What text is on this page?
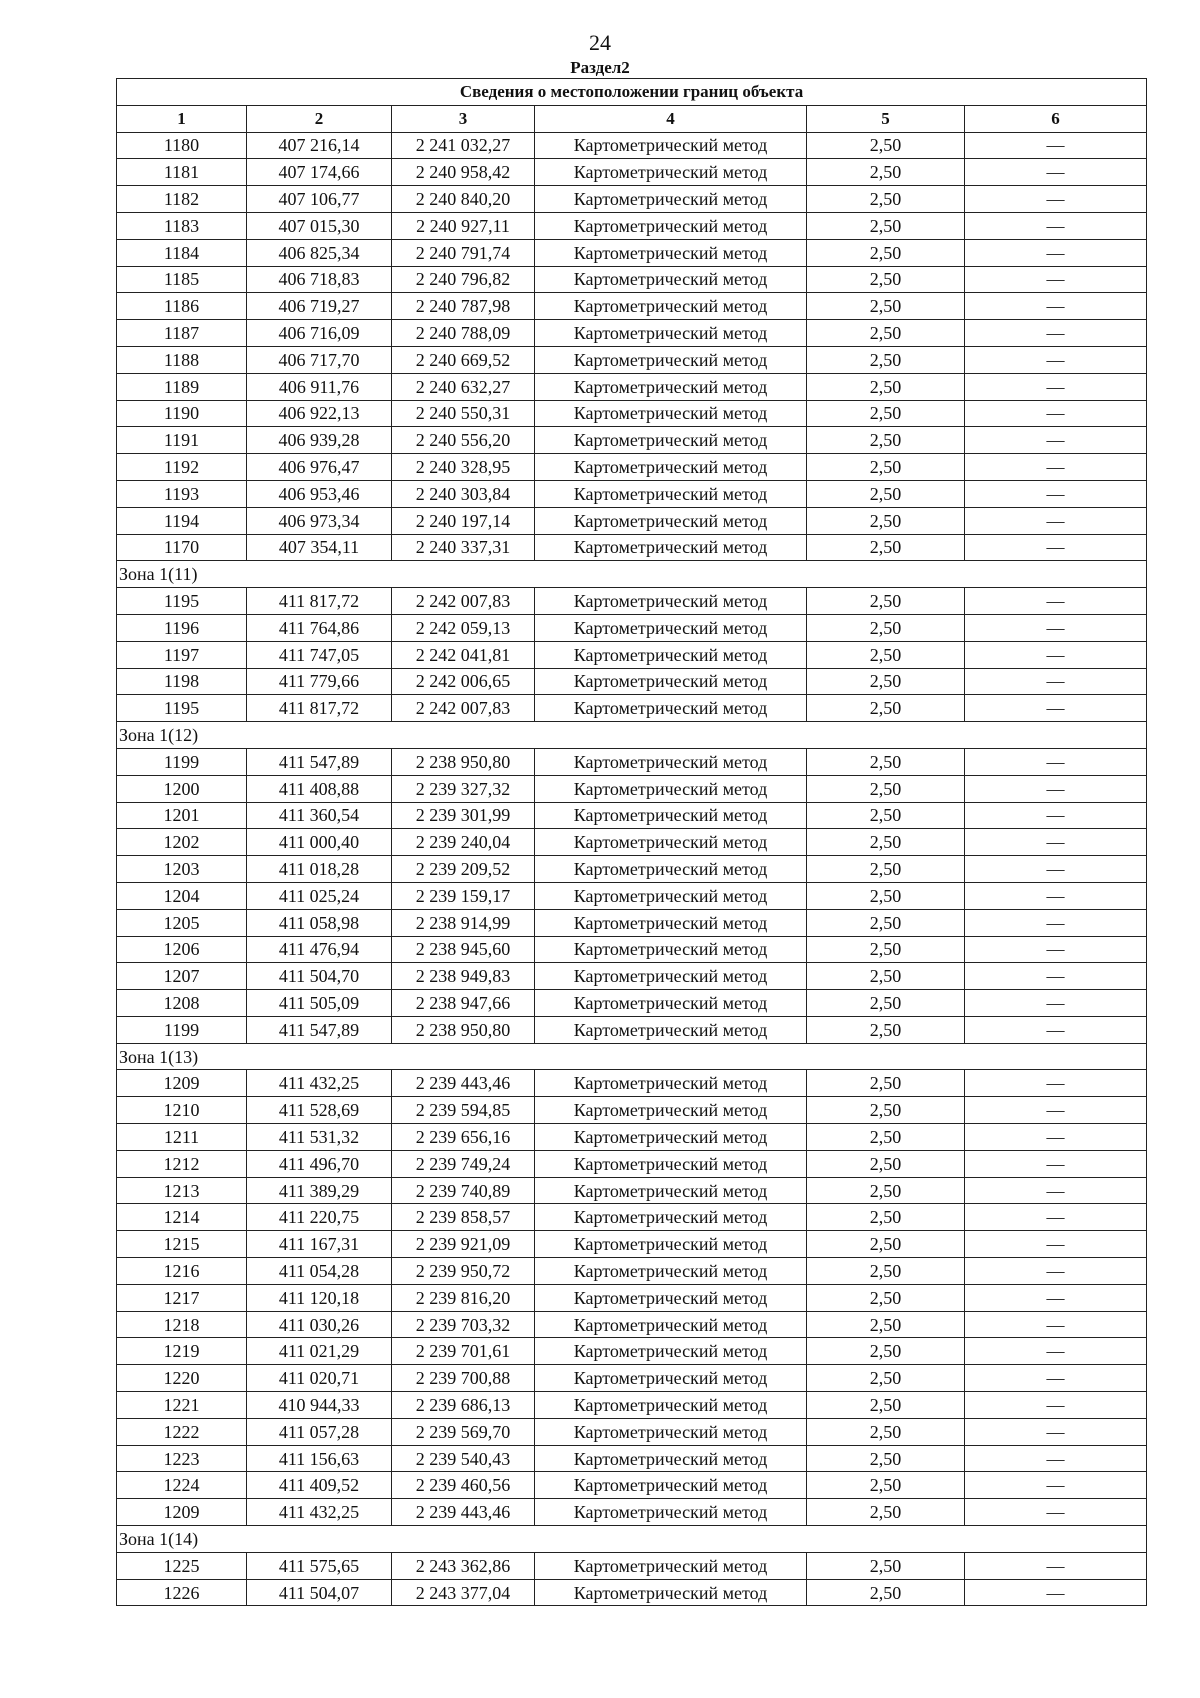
24
Раздел2
Сведения о местоположении границ объекта					
1	2	3	4	5	6
1180	407 216,14	2 241 032,27	Картометрический метод	2,50	—
1181	407 174,66	2 240 958,42	Картометрический метод	2,50	—
1182	407 106,77	2 240 840,20	Картометрический метод	2,50	—
1183	407 015,30	2 240 927,11	Картометрический метод	2,50	—
1184	406 825,34	2 240 791,74	Картометрический метод	2,50	—
1185	406 718,83	2 240 796,82	Картометрический метод	2,50	—
1186	406 719,27	2 240 787,98	Картометрический метод	2,50	—
1187	406 716,09	2 240 788,09	Картометрический метод	2,50	—
1188	406 717,70	2 240 669,52	Картометрический метод	2,50	—
1189	406 911,76	2 240 632,27	Картометрический метод	2,50	—
1190	406 922,13	2 240 550,31	Картометрический метод	2,50	—
1191	406 939,28	2 240 556,20	Картометрический метод	2,50	—
1192	406 976,47	2 240 328,95	Картометрический метод	2,50	—
1193	406 953,46	2 240 303,84	Картометрический метод	2,50	—
1194	406 973,34	2 240 197,14	Картометрический метод	2,50	—
1170	407 354,11	2 240 337,31	Картометрический метод	2,50	—
Зона 1(11)					
1195	411 817,72	2 242 007,83	Картометрический метод	2,50	—
1196	411 764,86	2 242 059,13	Картометрический метод	2,50	—
1197	411 747,05	2 242 041,81	Картометрический метод	2,50	—
1198	411 779,66	2 242 006,65	Картометрический метод	2,50	—
1195	411 817,72	2 242 007,83	Картометрический метод	2,50	—
Зона 1(12)					
1199	411 547,89	2 238 950,80	Картометрический метод	2,50	—
1200	411 408,88	2 239 327,32	Картометрический метод	2,50	—
1201	411 360,54	2 239 301,99	Картометрический метод	2,50	—
1202	411 000,40	2 239 240,04	Картометрический метод	2,50	—
1203	411 018,28	2 239 209,52	Картометрический метод	2,50	—
1204	411 025,24	2 239 159,17	Картометрический метод	2,50	—
1205	411 058,98	2 238 914,99	Картометрический метод	2,50	—
1206	411 476,94	2 238 945,60	Картометрический метод	2,50	—
1207	411 504,70	2 238 949,83	Картометрический метод	2,50	—
1208	411 505,09	2 238 947,66	Картометрический метод	2,50	—
1199	411 547,89	2 238 950,80	Картометрический метод	2,50	—
Зона 1(13)					
1209	411 432,25	2 239 443,46	Картометрический метод	2,50	—
1210	411 528,69	2 239 594,85	Картометрический метод	2,50	—
1211	411 531,32	2 239 656,16	Картометрический метод	2,50	—
1212	411 496,70	2 239 749,24	Картометрический метод	2,50	—
1213	411 389,29	2 239 740,89	Картометрический метод	2,50	—
1214	411 220,75	2 239 858,57	Картометрический метод	2,50	—
1215	411 167,31	2 239 921,09	Картометрический метод	2,50	—
1216	411 054,28	2 239 950,72	Картометрический метод	2,50	—
1217	411 120,18	2 239 816,20	Картометрический метод	2,50	—
1218	411 030,26	2 239 703,32	Картометрический метод	2,50	—
1219	411 021,29	2 239 701,61	Картометрический метод	2,50	—
1220	411 020,71	2 239 700,88	Картометрический метод	2,50	—
1221	410 944,33	2 239 686,13	Картометрический метод	2,50	—
1222	411 057,28	2 239 569,70	Картометрический метод	2,50	—
1223	411 156,63	2 239 540,43	Картометрический метод	2,50	—
1224	411 409,52	2 239 460,56	Картометрический метод	2,50	—
1209	411 432,25	2 239 443,46	Картометрический метод	2,50	—
Зона 1(14)					
1225	411 575,65	2 243 362,86	Картометрический метод	2,50	—
1226	411 504,07	2 243 377,04	Картометрический метод	2,50	—
